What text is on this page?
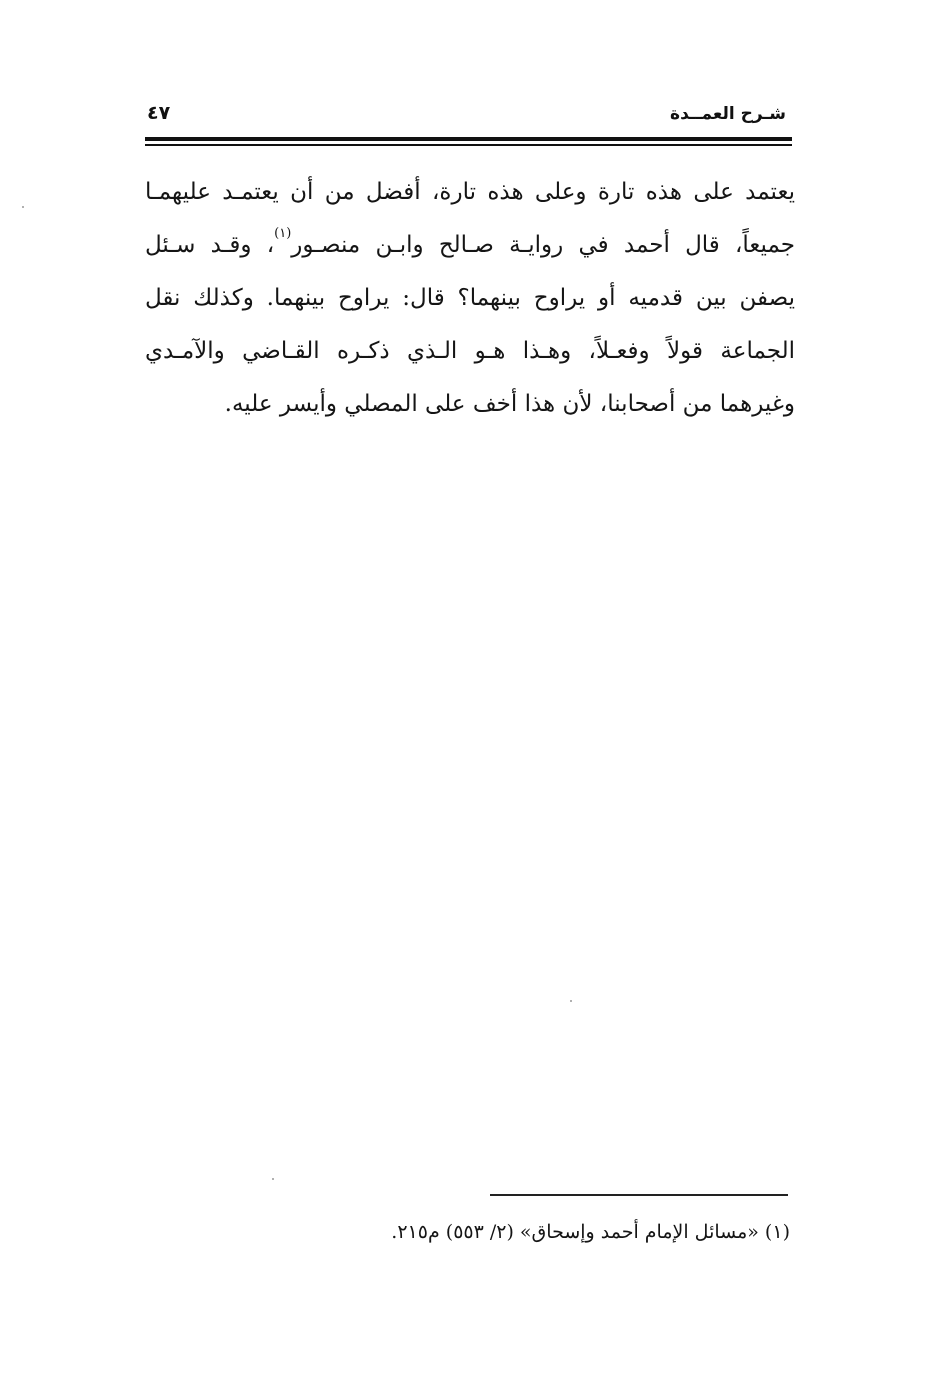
شـرح العمــدة
٤٧
يعتمد على هذه تارة وعلى هذه تارة، أفضل من أن يعتمـد عليهمـا
جميعاً، قال أحمد في روايـة صـالح وابـن منصـور$^{(١)}$، وقـد سـئل
يصفن بين قدميه أو يراوح بينهما؟ قال: يراوح بينهما. وكذلك نقل
الجماعة قولاً وفعـلاً، وهـذا هـو الـذي ذكـره القـاضي والآمـدي
وغيرهما من أصحابنا، لأن هذا أخف على المصلي وأيسر عليه.
(١) «مسائل الإمام أحمد وإسحاق» (٢/ ٥٥٣) م٢١٥.
